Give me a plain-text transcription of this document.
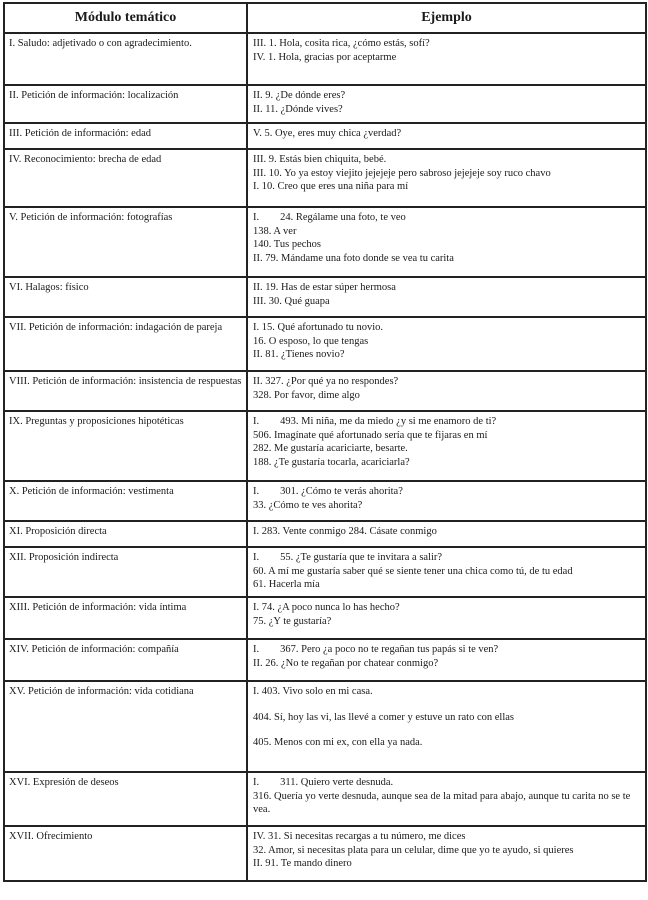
Módulo temático	Ejemplo
I. Saludo: adjetivado o con agradecimiento.	III. 1. Hola, cosita rica, ¿cómo estás, sofí?
IV. 1. Hola, gracias por aceptarme

II. Petición de información: localización	II. 9. ¿De dónde eres?
II. 11. ¿Dónde vives?

III. Petición de información: edad	V. 5. Oye, eres muy chica ¿verdad?

IV. Reconocimiento: brecha de edad	III. 9. Estás bien chiquita, bebé.
III. 10. Yo ya estoy viejito jejejeje pero sabroso jejejeje soy ruco chavo
I. 10. Creo que eres una niña para mí

V. Petición de información: fotografías	I.        24. Regálame una foto, te veo
138. A ver
140. Tus pechos
II. 79. Mándame una foto donde se vea tu carita

VI. Halagos: físico	II. 19. Has de estar súper hermosa
III. 30. Qué guapa

VII. Petición de información: indagación de pareja	I. 15. Qué afortunado tu novio.
16. O esposo, lo que tengas
II. 81. ¿Tienes novio?

VIII. Petición de información: insistencia de respuestas	II. 327. ¿Por qué ya no respondes?
328. Por favor, dime algo

IX. Preguntas y proposiciones hipotéticas	I.        493. Mi niña, me da miedo ¿y si me enamoro de ti?
506. Imagínate qué afortunado sería que te fijaras en mí
282. Me gustaría acariciarte, besarte.
188. ¿Te gustaría tocarla, acariciarla?

X. Petición de información: vestimenta	I.        301. ¿Cómo te verás ahorita?
33. ¿Cómo te ves ahorita?

XI. Proposición directa	I. 283. Vente conmigo 284. Cásate conmigo

XII. Proposición indirecta	I.        55. ¿Te gustaría que te invitara a salir?
60. A mí me gustaría saber qué se siente tener una chica como tú, de tu edad
61. Hacerla mía

XIII. Petición de información: vida íntima	I. 74. ¿A poco nunca lo has hecho?
75. ¿Y te gustaría?

XIV. Petición de información: compañía	I.        367. Pero ¿a poco no te regañan tus papás si te ven?
II. 26. ¿No te regañan por chatear conmigo?

XV. Petición de información: vida cotidiana	I. 403. Vivo solo en mi casa.
404. Sí, hoy las vi, las llevé a comer y estuve un rato con ellas
405. Menos con mi ex, con ella ya nada.

XVI. Expresión de deseos	I.        311. Quiero verte desnuda.
316. Quería yo verte desnuda, aunque sea de la mitad para abajo, aunque tu carita no se te vea.

XVII. Ofrecimiento	IV. 31. Si necesitas recargas a tu número, me dices
32. Amor, si necesitas plata para un celular, dime que yo te ayudo, si quieres
II. 91. Te mando dinero
